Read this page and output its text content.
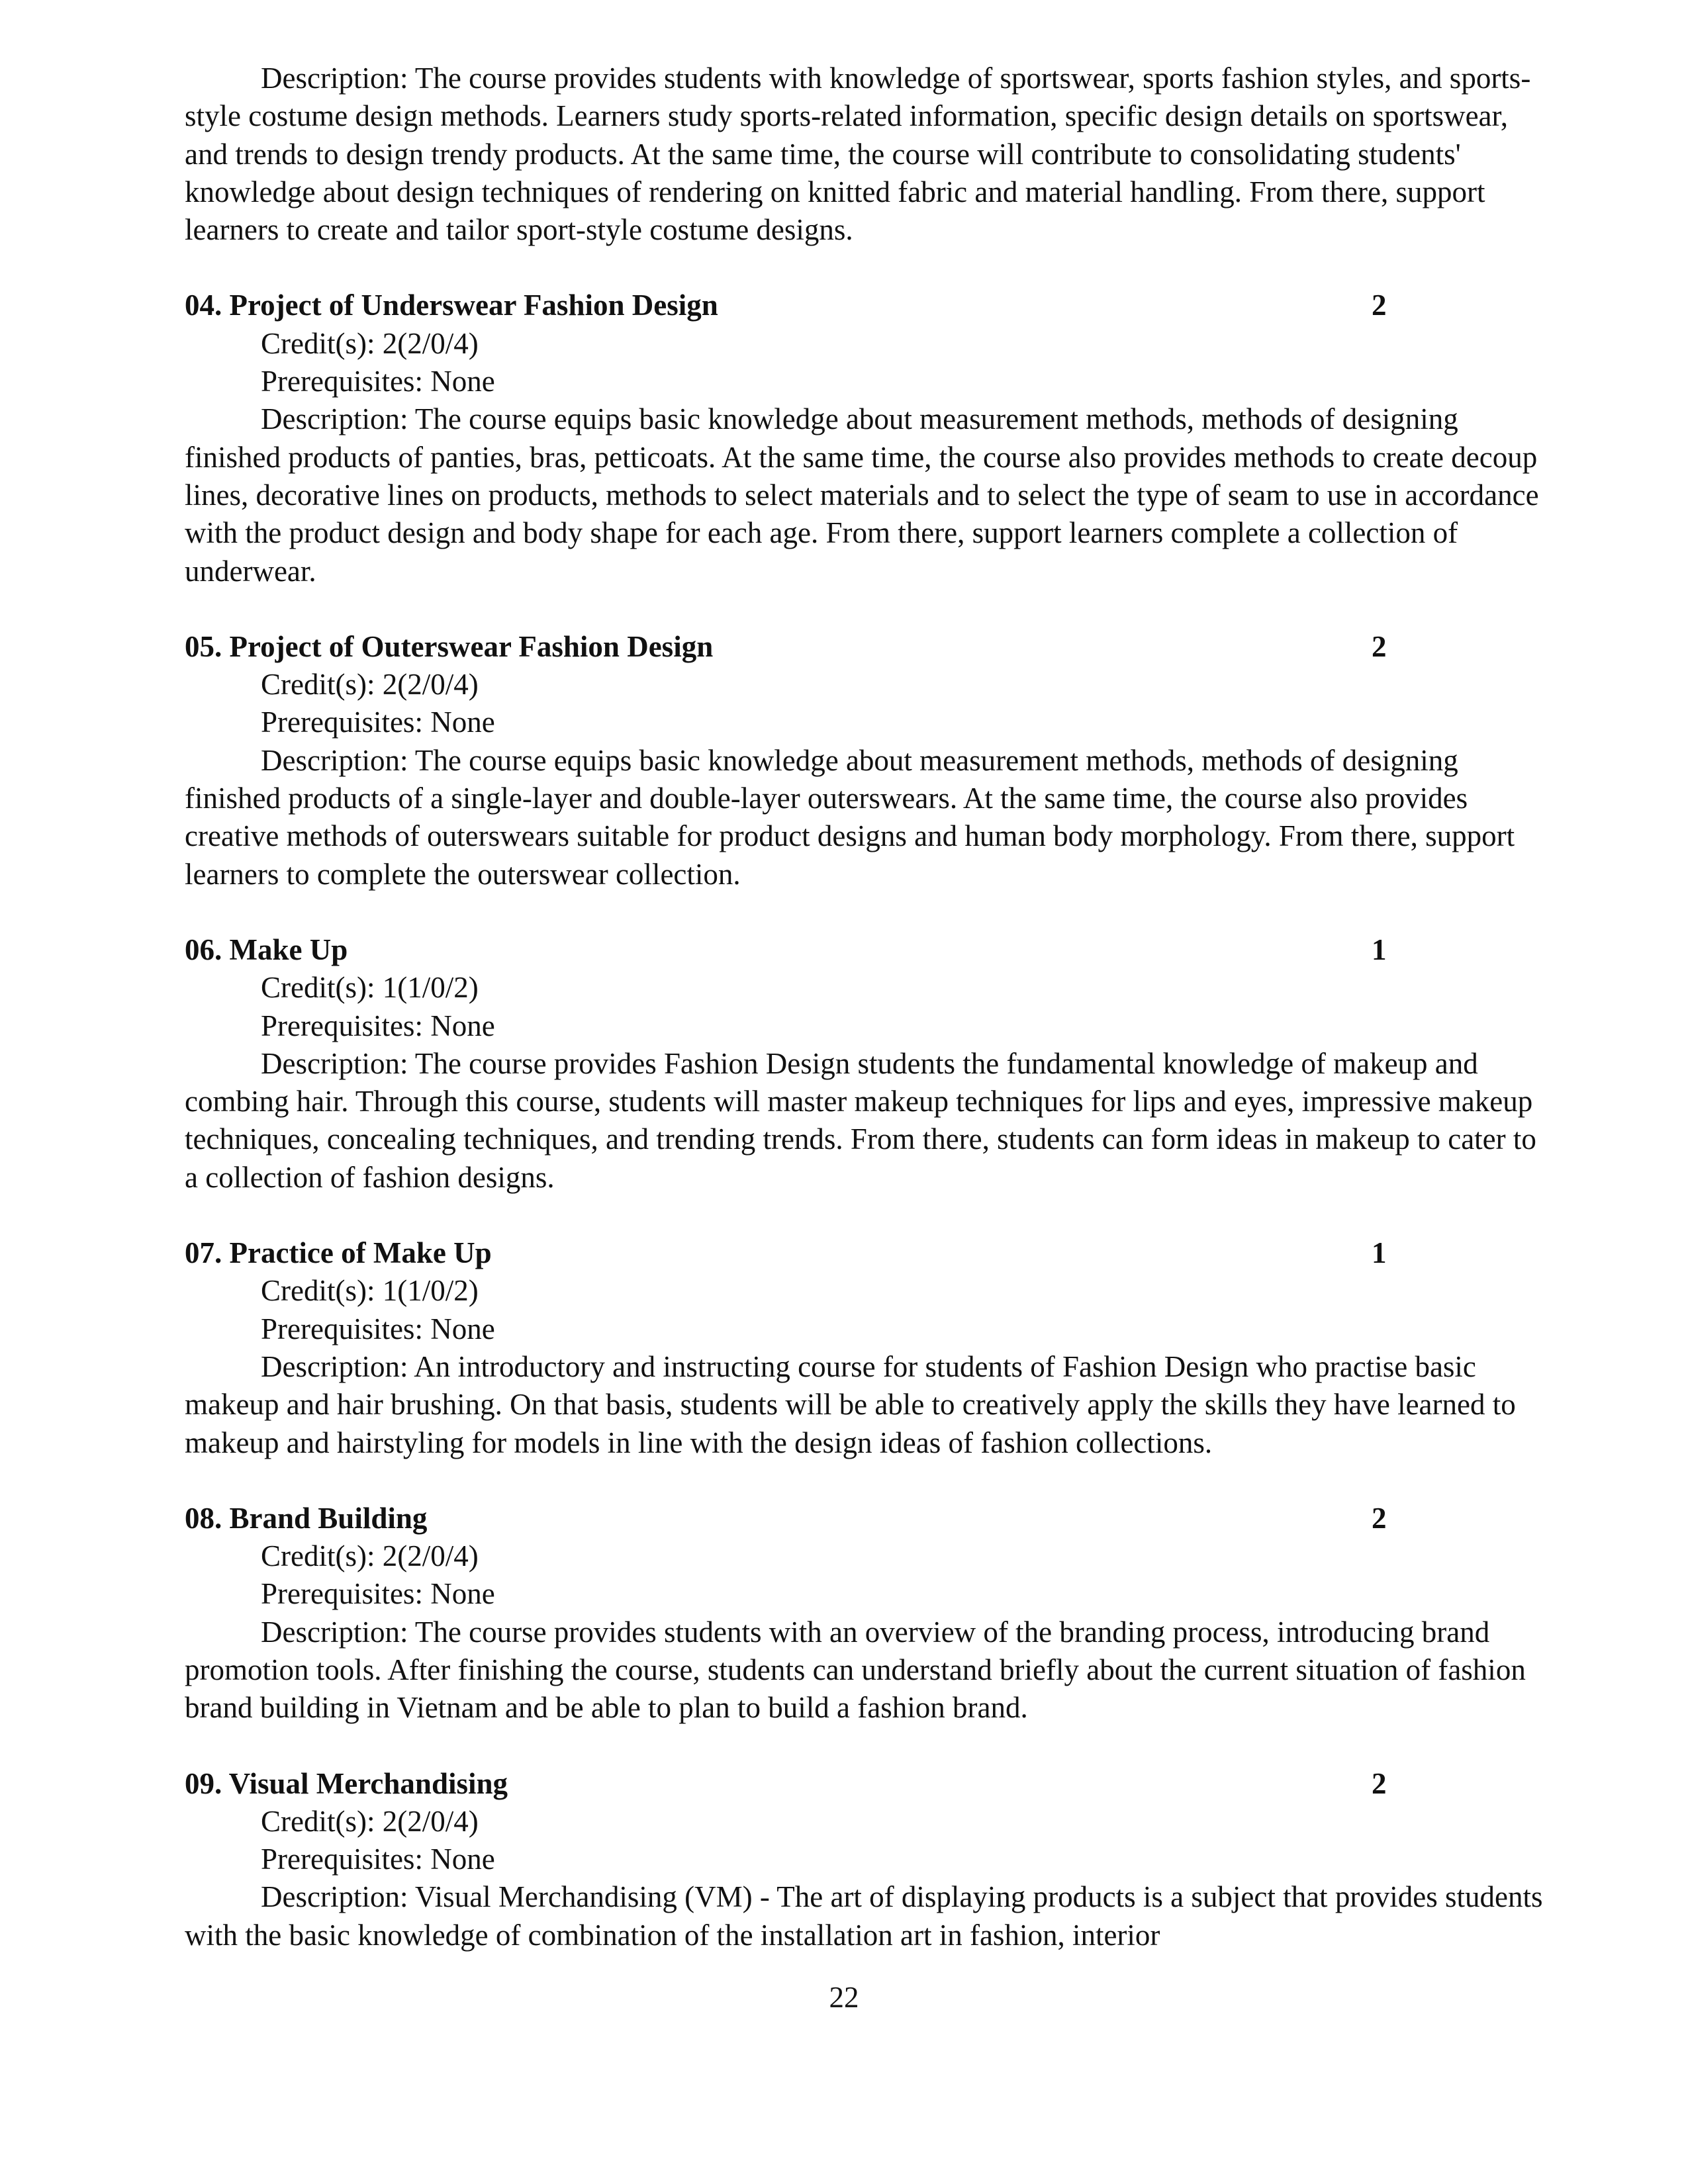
Description: The course provides students with knowledge of sportswear, sports fashion styles, and sports-style costume design methods. Learners study sports-related information, specific design details on sportswear, and trends to design trendy products. At the same time, the course will contribute to consolidating students' knowledge about design techniques of rendering on knitted fabric and material handling. From there, support learners to create and tailor sport-style costume designs.

04. Project of Underswear Fashion Design	2
Credit(s): 2(2/0/4)
Prerequisites: None

Description: The course equips basic knowledge about measurement methods, methods of designing finished products of panties, bras, petticoats. At the same time, the course also provides methods to create decoup lines, decorative lines on products, methods to select materials and to select the type of seam to use in accordance with the product design and body shape for each age. From there, support learners complete a collection of underwear.

05. Project of Outerswear Fashion Design	2
Credit(s): 2(2/0/4)
Prerequisites: None

Description: The course equips basic knowledge about measurement methods, methods of designing finished products of a single-layer and double-layer outerswears. At the same time, the course also provides creative methods of outerswears suitable for product designs and human body morphology. From there, support learners to complete the outerswear collection.

06. Make Up	1
Credit(s): 1(1/0/2)
Prerequisites: None

Description: The course provides Fashion Design students the fundamental knowledge of makeup and combing hair. Through this course, students will master makeup techniques for lips and eyes, impressive makeup techniques, concealing techniques, and trending trends. From there, students can form ideas in makeup to cater to a collection of fashion designs.

07. Practice of Make Up	1
Credit(s): 1(1/0/2)
Prerequisites: None

Description: An introductory and instructing course for students of Fashion Design who practise basic makeup and hair brushing. On that basis, students will be able to creatively apply the skills they have learned to makeup and hairstyling for models in line with the design ideas of fashion collections.

08. Brand Building	2
Credit(s): 2(2/0/4)
Prerequisites: None

Description: The course provides students with an overview of the branding process, introducing brand promotion tools. After finishing the course, students can understand briefly about the current situation of fashion brand building in Vietnam and be able to plan to build a fashion brand.

09. Visual Merchandising	2
Credit(s): 2(2/0/4)
Prerequisites: None

Description: Visual Merchandising (VM) - The art of displaying products is a subject that provides students with the basic knowledge of combination of the installation art in fashion, interior

22
